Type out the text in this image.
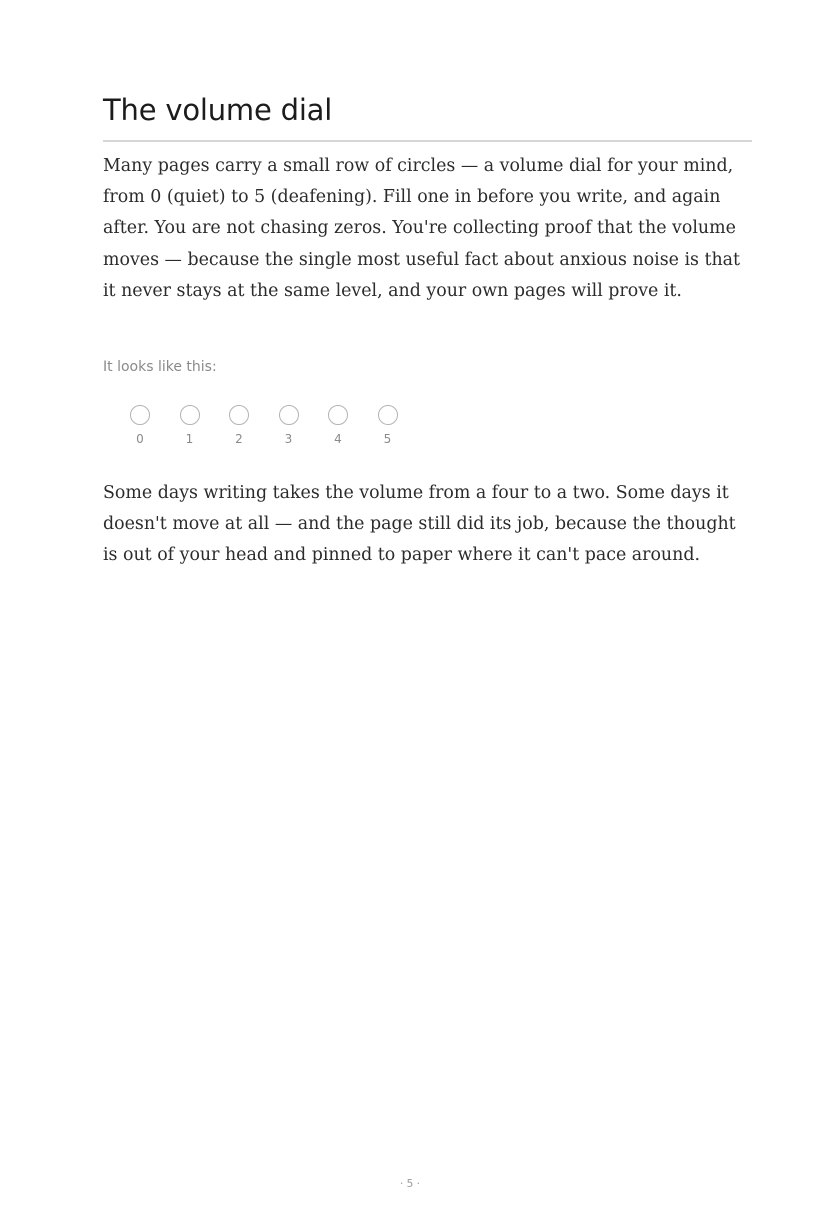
The volume dial

Many pages carry a small row of circles — a volume dial for your mind, from 0 (quiet) to 5 (deafening). Fill one in before you write, and again after. You are not chasing zeros. You're collecting proof that the volume moves — because the single most useful fact about anxious noise is that it never stays at the same level, and your own pages will prove it.

It looks like this:

0	1	2	3	4	5

Some days writing takes the volume from a four to a two. Some days it doesn't move at all — and the page still did its job, because the thought is out of your head and pinned to paper where it can't pace around.

· 5 ·
